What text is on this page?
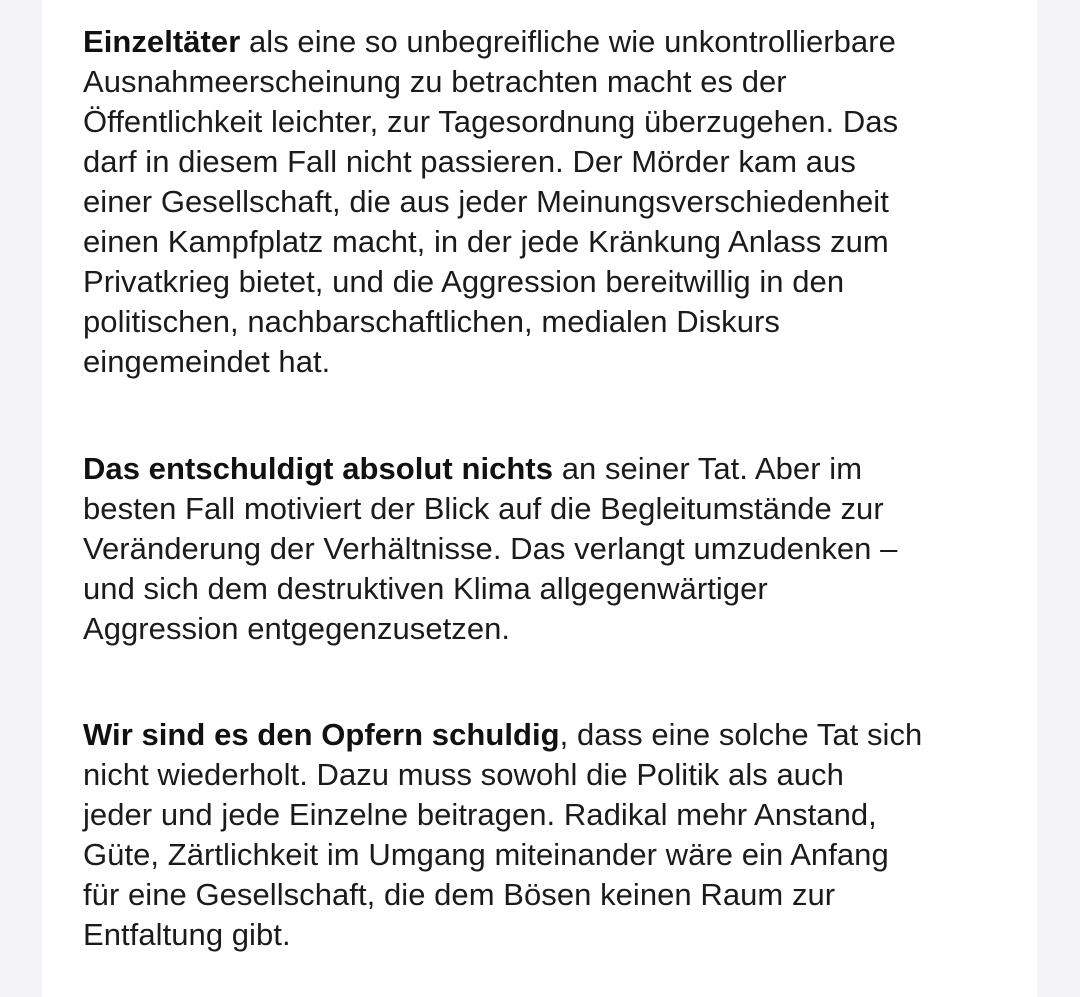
Einzeltäter als eine so unbegreifliche wie unkontrollierbare
Ausnahmeerscheinung zu betrachten macht es der
Öffentlichkeit leichter, zur Tagesordnung überzugehen. Das
darf in diesem Fall nicht passieren. Der Mörder kam aus
einer Gesellschaft, die aus jeder Meinungsverschiedenheit
einen Kampfplatz macht, in der jede Kränkung Anlass zum
Privatkrieg bietet, und die Aggression bereitwillig in den
politischen, nachbarschaftlichen, medialen Diskurs
eingemeindet hat.

Das entschuldigt absolut nichts an seiner Tat. Aber im
besten Fall motiviert der Blick auf die Begleitumstände zur
Veränderung der Verhältnisse. Das verlangt umzudenken –
und sich dem destruktiven Klima allgegenwärtiger
Aggression entgegenzusetzen.

Wir sind es den Opfern schuldig, dass eine solche Tat sich
nicht wiederholt. Dazu muss sowohl die Politik als auch
jeder und jede Einzelne beitragen. Radikal mehr Anstand,
Güte, Zärtlichkeit im Umgang miteinander wäre ein Anfang
für eine Gesellschaft, die dem Bösen keinen Raum zur
Entfaltung gibt.
